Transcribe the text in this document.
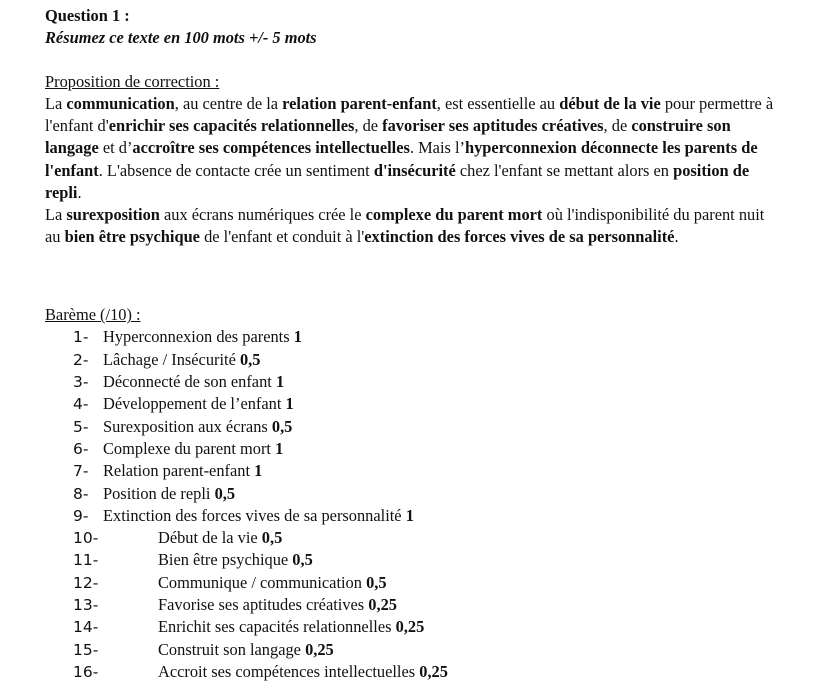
Question 1 :
Résumez ce texte en 100 mots +/- 5 mots
Proposition de correction :
La communication, au centre de la relation parent-enfant, est essentielle au début de la vie pour permettre à l'enfant d'enrichir ses capacités relationnelles, de favoriser ses aptitudes créatives, de construire son langage et d’accroître ses compétences intellectuelles. Mais l’hyperconnexion déconnecte les parents de l'enfant. L'absence de contacte crée un sentiment d'insécurité chez l'enfant se mettant alors en position de repli.
La surexposition aux écrans numériques crée le complexe du parent mort où l'indisponibilité du parent nuit au bien être psychique de l'enfant et conduit à l'extinction des forces vives de sa personnalité.
Barème (/10) :
1- Hyperconnexion des parents 1
2- Lâchage / Insécurité 0,5
3- Déconnecté de son enfant 1
4- Développement de l’enfant 1
5- Surexposition aux écrans 0,5
6- Complexe du parent mort 1
7- Relation parent-enfant 1
8- Position de repli 0,5
9- Extinction des forces vives de sa personnalité 1
10-	Début de la vie 0,5
11-	Bien être psychique 0,5
12-	Communique / communication 0,5
13-	Favorise ses aptitudes créatives 0,25
14-	Enrichit ses capacités relationnelles 0,25
15-	Construit son langage 0,25
16-	Accroit ses compétences intellectuelles 0,25
